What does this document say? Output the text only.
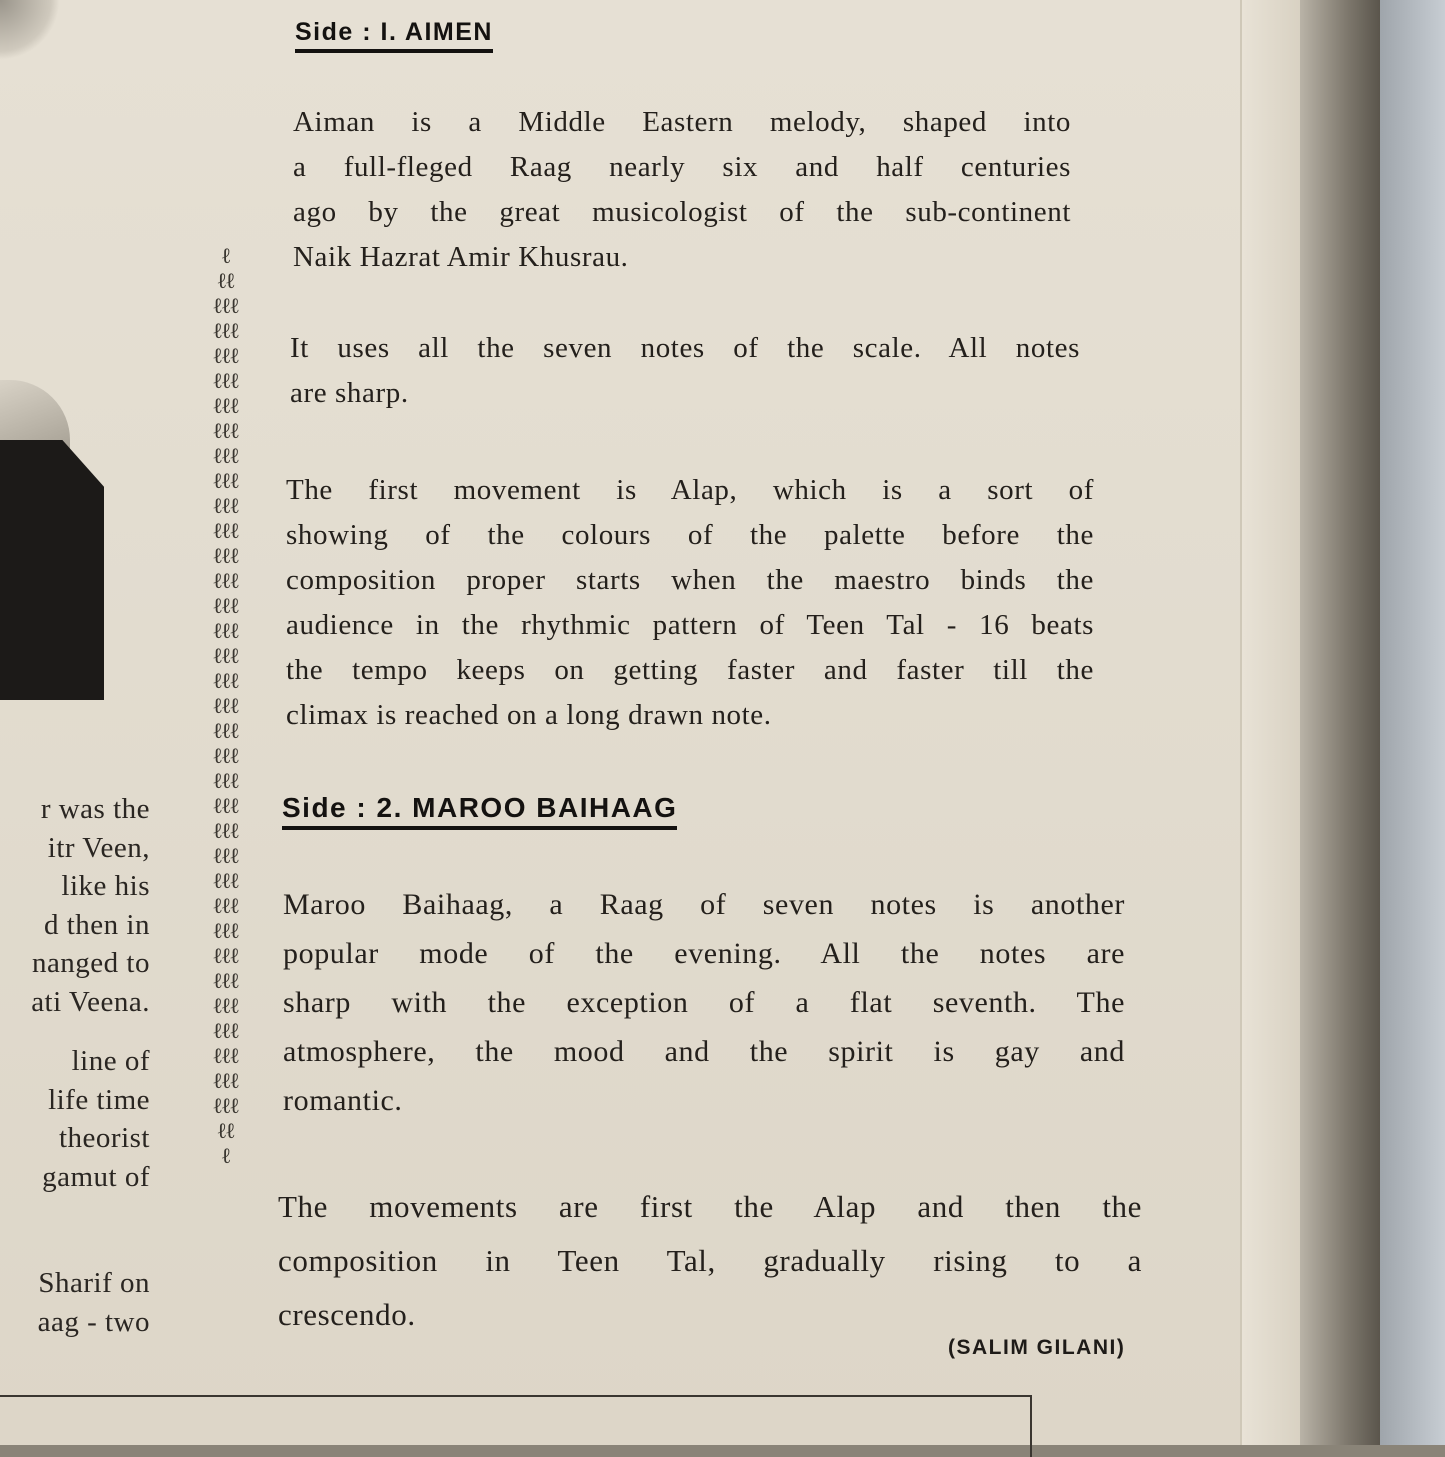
r was the
itr Veen,
like his
d then in
nanged to
ati Veena.
line of
life time
theorist
gamut of
Sharif on
aag - two
ℓ
ℓℓ
ℓℓℓ
ℓℓℓ
ℓℓℓ
ℓℓℓ
ℓℓℓ
ℓℓℓ
ℓℓℓ
ℓℓℓ
ℓℓℓ
ℓℓℓ
ℓℓℓ
ℓℓℓ
ℓℓℓ
ℓℓℓ
ℓℓℓ
ℓℓℓ
ℓℓℓ
ℓℓℓ
ℓℓℓ
ℓℓℓ
ℓℓℓ
ℓℓℓ
ℓℓℓ
ℓℓℓ
ℓℓℓ
ℓℓℓ
ℓℓℓ
ℓℓℓ
ℓℓℓ
ℓℓℓ
ℓℓℓ
ℓℓℓ
ℓℓℓ
ℓℓ
ℓ
Side : I. AIMEN
Aiman is a Middle Eastern melody, shaped into
a full-fleged Raag nearly six and half centuries
ago by the great musicologist of the sub-continent
Naik Hazrat Amir Khusrau.
It uses all the seven notes of the scale. All notes
are sharp.
The first movement is Alap, which is a sort of
showing of the colours of the palette before the
composition proper starts when the maestro binds the
audience in the rhythmic pattern of Teen Tal - 16 beats
the tempo keeps on getting faster and faster till the
climax is reached on a long drawn note.
Side : 2. MAROO BAIHAAG
Maroo Baihaag, a Raag of seven notes is another
popular mode of the evening. All the notes are
sharp with the exception of a flat seventh. The
atmosphere, the mood and the spirit is gay and
romantic.
The movements are first the Alap and then the
composition in Teen Tal, gradually rising to a
crescendo.
(SALIM GILANI)
